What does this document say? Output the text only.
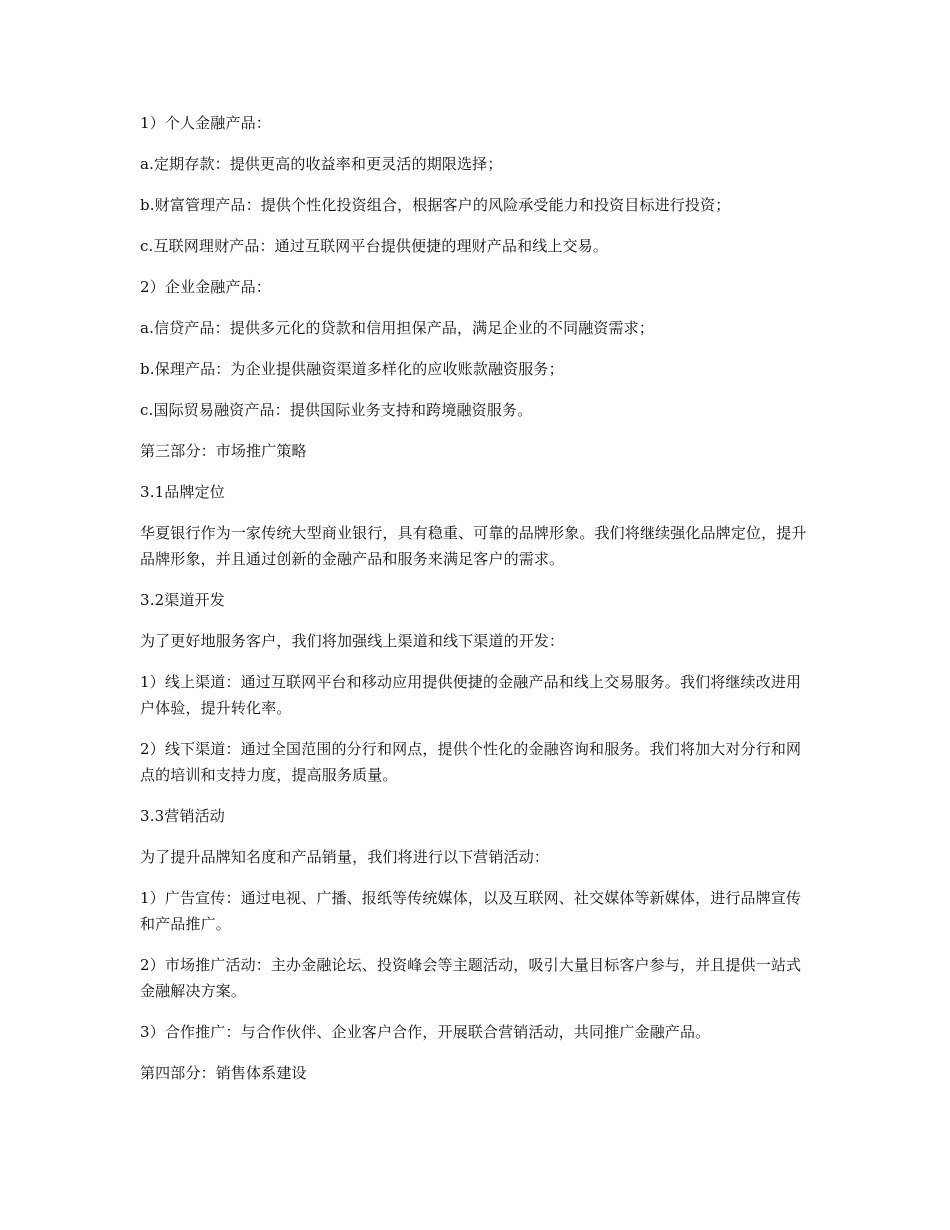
1）个人金融产品：

a.定期存款：提供更高的收益率和更灵活的期限选择；

b.财富管理产品：提供个性化投资组合，根据客户的风险承受能力和投资目标进行投资；

c.互联网理财产品：通过互联网平台提供便捷的理财产品和线上交易。

2）企业金融产品：

a.信贷产品：提供多元化的贷款和信用担保产品，满足企业的不同融资需求；

b.保理产品：为企业提供融资渠道多样化的应收账款融资服务；

c.国际贸易融资产品：提供国际业务支持和跨境融资服务。

第三部分：市场推广策略

3.1品牌定位

华夏银行作为一家传统大型商业银行，具有稳重、可靠的品牌形象。我们将继续强化品牌定位，提升品牌形象，并且通过创新的金融产品和服务来满足客户的需求。

3.2渠道开发

为了更好地服务客户，我们将加强线上渠道和线下渠道的开发：

1）线上渠道：通过互联网平台和移动应用提供便捷的金融产品和线上交易服务。我们将继续改进用户体验，提升转化率。

2）线下渠道：通过全国范围的分行和网点，提供个性化的金融咨询和服务。我们将加大对分行和网点的培训和支持力度，提高服务质量。

3.3营销活动

为了提升品牌知名度和产品销量，我们将进行以下营销活动：

1）广告宣传：通过电视、广播、报纸等传统媒体，以及互联网、社交媒体等新媒体，进行品牌宣传和产品推广。

2）市场推广活动：主办金融论坛、投资峰会等主题活动，吸引大量目标客户参与，并且提供一站式金融解决方案。

3）合作推广：与合作伙伴、企业客户合作，开展联合营销活动，共同推广金融产品。

第四部分：销售体系建设
